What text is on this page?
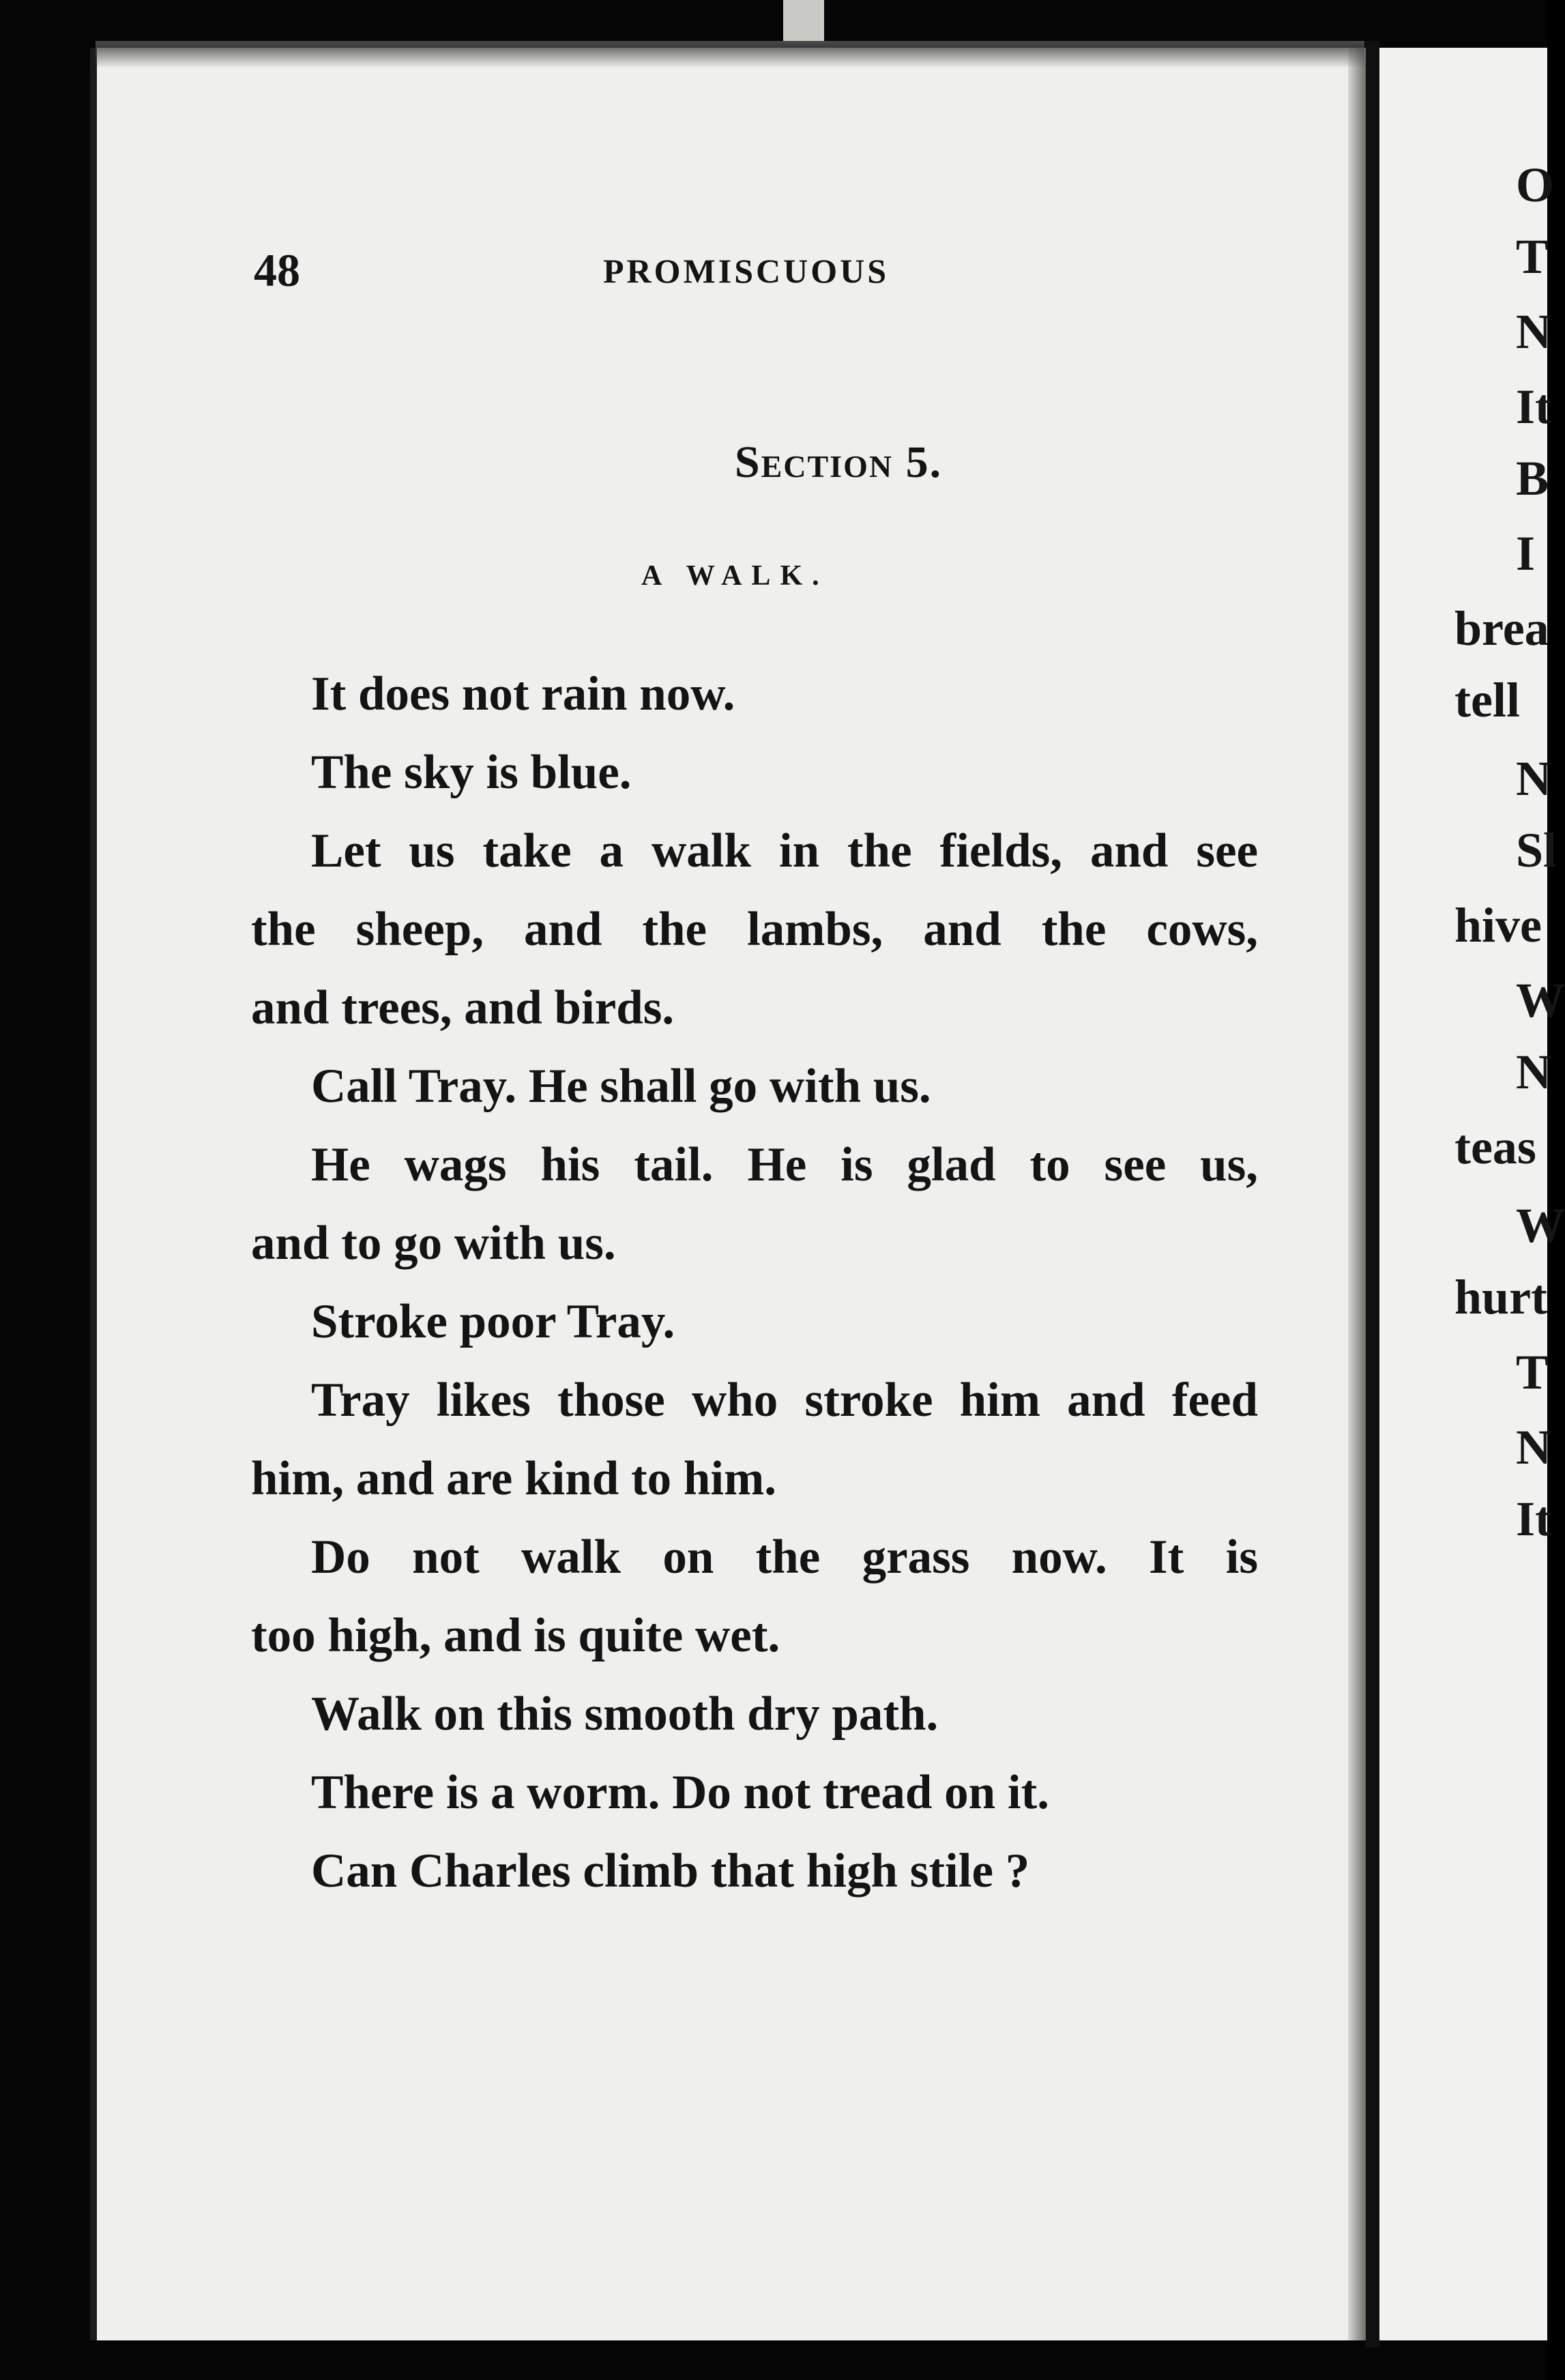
O
T
N
It
B
I
brea
tell
N
Sl
hive
W
N
teas
W
hurt
T
N
It
48	PROMISCUOUS
Section 5.
A WALK.
It does not rain now.
The sky is blue.
Let us take a walk in the fields, and see
the sheep, and the lambs, and the cows,
and trees, and birds.
Call Tray. He shall go with us.
He wags his tail. He is glad to see us,
and to go with us.
Stroke poor Tray.
Tray likes those who stroke him and feed
him, and are kind to him.
Do not walk on the grass now. It is
too high, and is quite wet.
Walk on this smooth dry path.
There is a worm. Do not tread on it.
Can Charles climb that high stile ?
